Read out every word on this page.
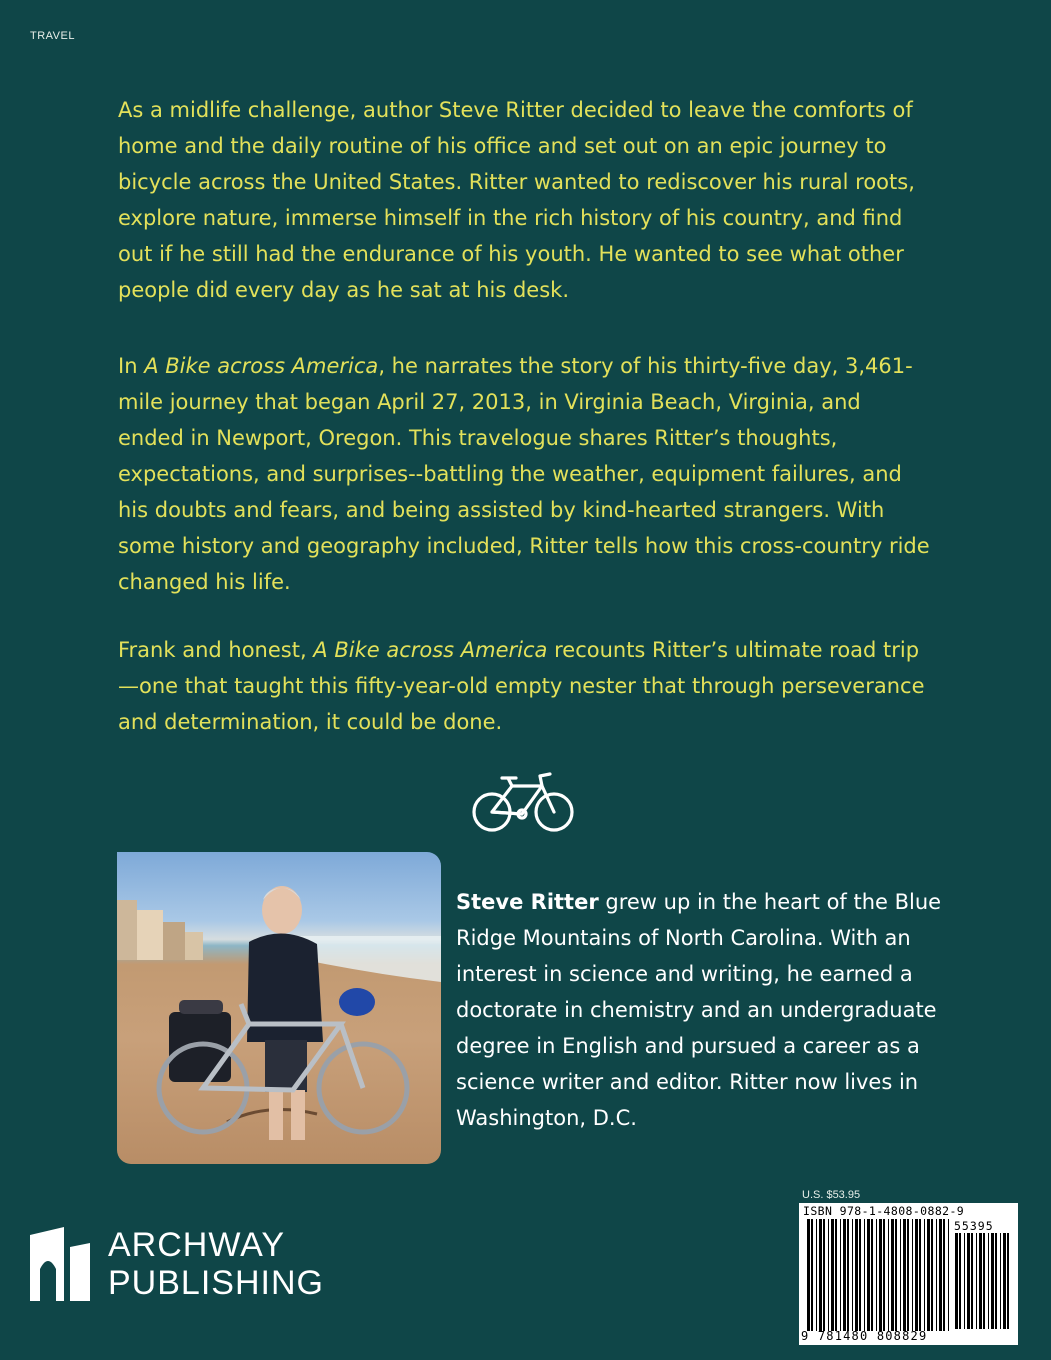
TRAVEL

As a midlife challenge, author Steve Ritter decided to leave the comforts of home and the daily routine of his office and set out on an epic journey to bicycle across the United States. Ritter wanted to rediscover his rural roots, explore nature, immerse himself in the rich history of his country, and find out if he still had the endurance of his youth. He wanted to see what other people did every day as he sat at his desk.

In A Bike across America, he narrates the story of his thirty-five day, 3,461-mile journey that began April 27, 2013, in Virginia Beach, Virginia, and ended in Newport, Oregon. This travelogue shares Ritter’s thoughts, expectations, and surprises--battling the weather, equipment failures, and his doubts and fears, and being assisted by kind-hearted strangers. With some history and geography included, Ritter tells how this cross-country ride changed his life.

Frank and honest, A Bike across America recounts Ritter’s ultimate road trip—one that taught this fifty-year-old empty nester that through perseverance and determination, it could be done.

Steve Ritter grew up in the heart of the Blue Ridge Mountains of North Carolina. With an interest in science and writing, he earned a doctorate in chemistry and an undergraduate degree in English and pursued a career as a science writer and editor. Ritter now lives in Washington, D.C.

ARCHWAY
PUBLISHING
U.S. $53.95
ISBN 978-1-4808-0882-9
55395
9 781480 808829
